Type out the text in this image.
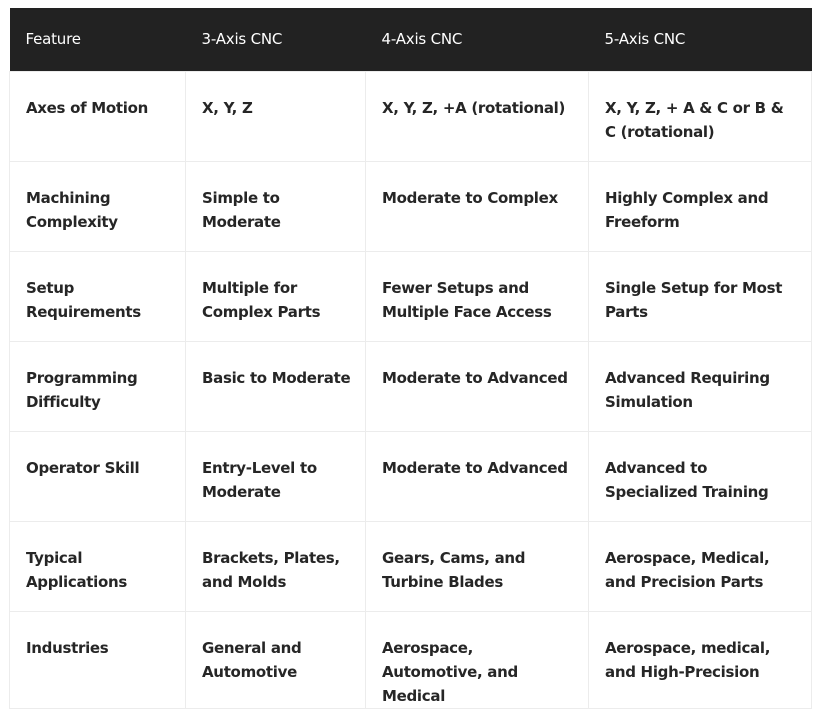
Feature	3-Axis CNC	4-Axis CNC	5-Axis CNC
Axes of Motion	X, Y, Z	X, Y, Z, +A (rotational)	X, Y, Z, + A & C or B & C (rotational)
Machining Complexity	Simple to Moderate	Moderate to Complex	Highly Complex and Freeform
Setup Requirements	Multiple for Complex Parts	Fewer Setups and Multiple Face Access	Single Setup for Most Parts
Programming Difficulty	Basic to Moderate	Moderate to Advanced	Advanced Requiring Simulation
Operator Skill	Entry-Level to Moderate	Moderate to Advanced	Advanced to Specialized Training
Typical Applications	Brackets, Plates, and Molds	Gears, Cams, and Turbine Blades	Aerospace, Medical, and Precision Parts
Industries	General and Automotive	Aerospace, Automotive, and Medical	Aerospace, medical, and High-Precision
